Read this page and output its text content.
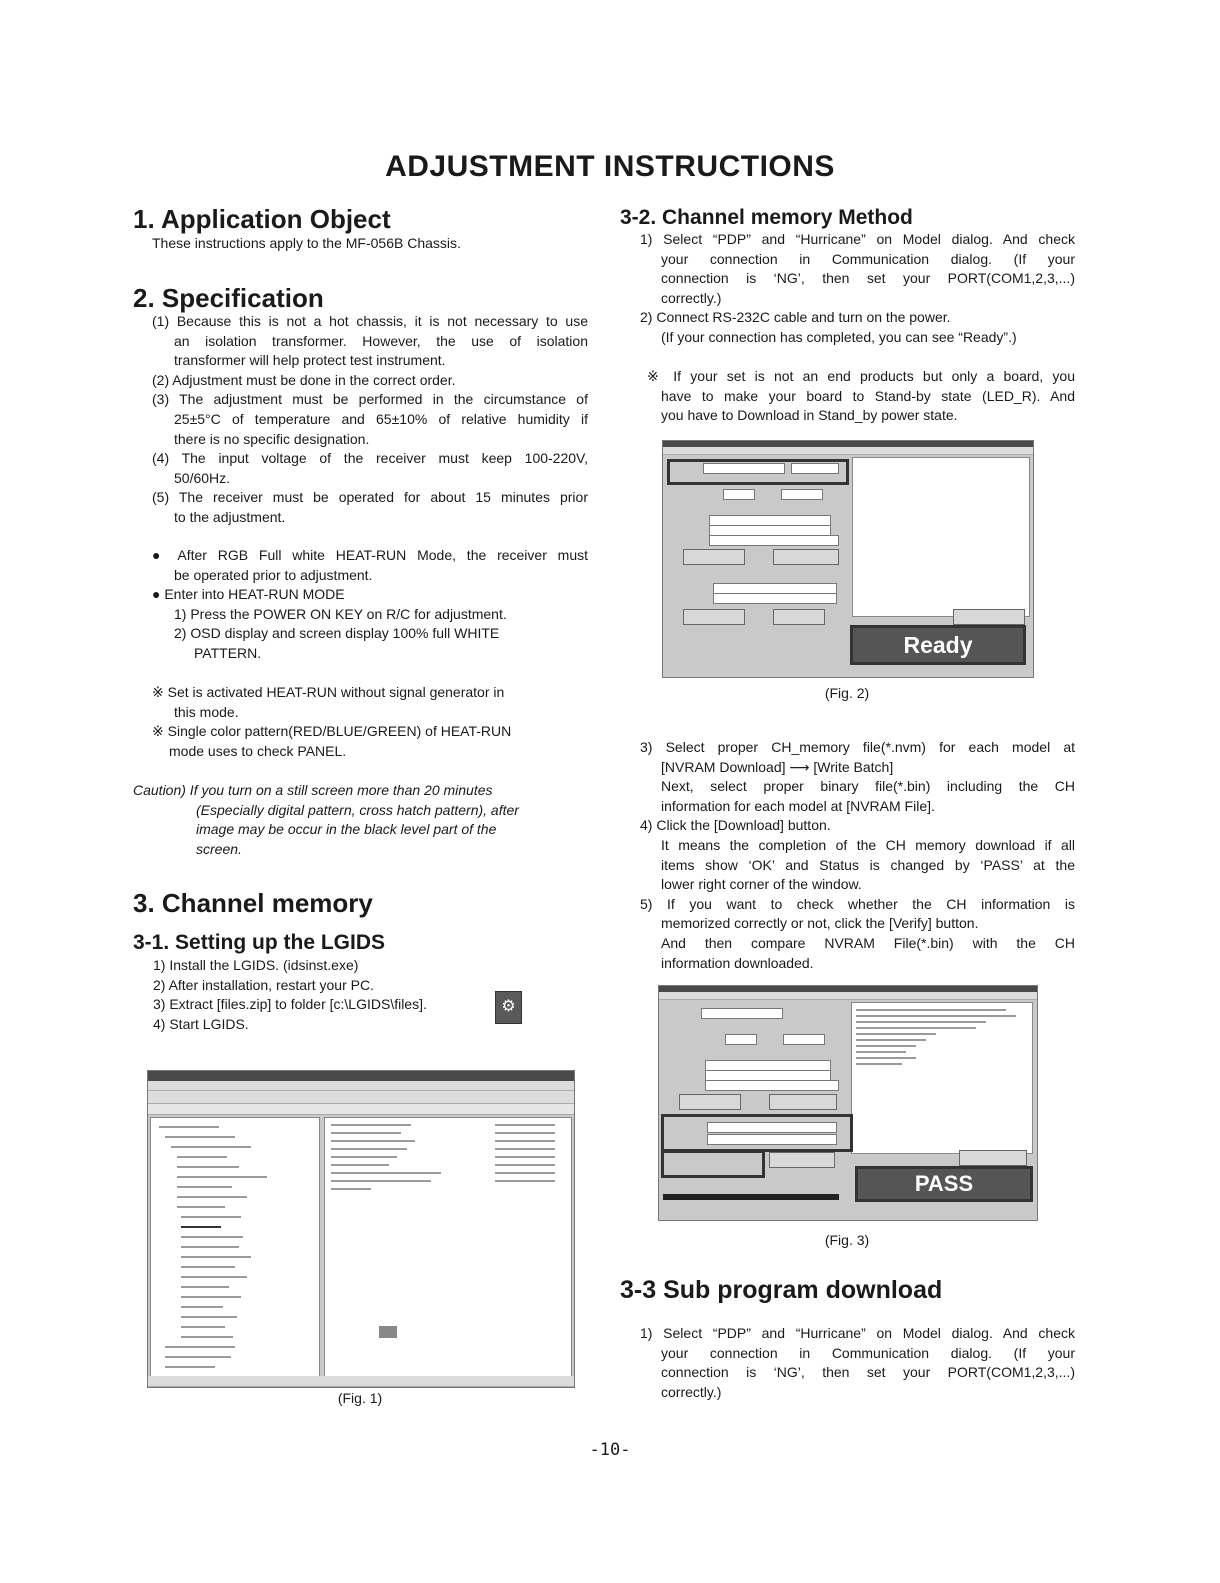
ADJUSTMENT INSTRUCTIONS
1. Application Object
These instructions apply to the MF-056B Chassis.
2. Specification
(1) Because this is not a hot chassis, it is not necessary to use
an isolation transformer. However, the use of isolation
transformer will help protect test instrument.
(2) Adjustment must be done in the correct order.
(3) The adjustment must be performed in the circumstance of
25±5°C of temperature and 65±10% of relative humidity if
there is no specific designation.
(4) The input voltage of the receiver must keep 100-220V,
50/60Hz.
(5) The receiver must be operated for about 15 minutes prior
to the adjustment.
● After RGB Full white HEAT-RUN Mode, the receiver must
be operated prior to adjustment.
● Enter into HEAT-RUN MODE
1) Press the POWER ON KEY on R/C for adjustment.
2) OSD display and screen display 100% full WHITE
PATTERN.
※ Set is activated HEAT-RUN without signal generator in
this mode.
※ Single color pattern(RED/BLUE/GREEN) of HEAT-RUN
mode uses to check PANEL.
Caution) If you turn on a still screen more than 20 minutes
(Especially digital pattern, cross hatch pattern), after
image may be occur in the black level part of the
screen.
3. Channel memory
3-1. Setting up the LGIDS
1) Install the LGIDS. (idsinst.exe)
2) After installation, restart your PC.
3) Extract [files.zip] to folder [c:\LGIDS\files].
4) Start LGIDS.
⚙
(Fig. 1)
3-2. Channel memory Method
1) Select “PDP” and “Hurricane” on Model dialog. And check
your connection in Communication dialog. (If your
connection is ‘NG’, then set your PORT(COM1,2,3,...)
correctly.)
2) Connect RS-232C cable and turn on the power.
(If your connection has completed, you can see “Ready”.)
※ If your set is not an end products but only a board, you
have to make your board to Stand-by state (LED_R). And
you have to Download in Stand_by power state.
Ready
(Fig. 2)
3) Select proper CH_memory file(*.nvm) for each model at
[NVRAM Download] ⟶ [Write Batch]
Next, select proper binary file(*.bin) including the CH
information for each model at [NVRAM File].
4) Click the [Download] button.
It means the completion of the CH memory download if all
items show ‘OK’ and Status is changed by ‘PASS’ at the
lower right corner of the window.
5) If you want to check whether the CH information is
memorized correctly or not, click the [Verify] button.
And then compare NVRAM File(*.bin) with the CH
information downloaded.
PASS
(Fig. 3)
3-3 Sub program download
1) Select “PDP” and “Hurricane” on Model dialog. And check
your connection in Communication dialog. (If your
connection is ‘NG’, then set your PORT(COM1,2,3,...)
correctly.)
-10-
